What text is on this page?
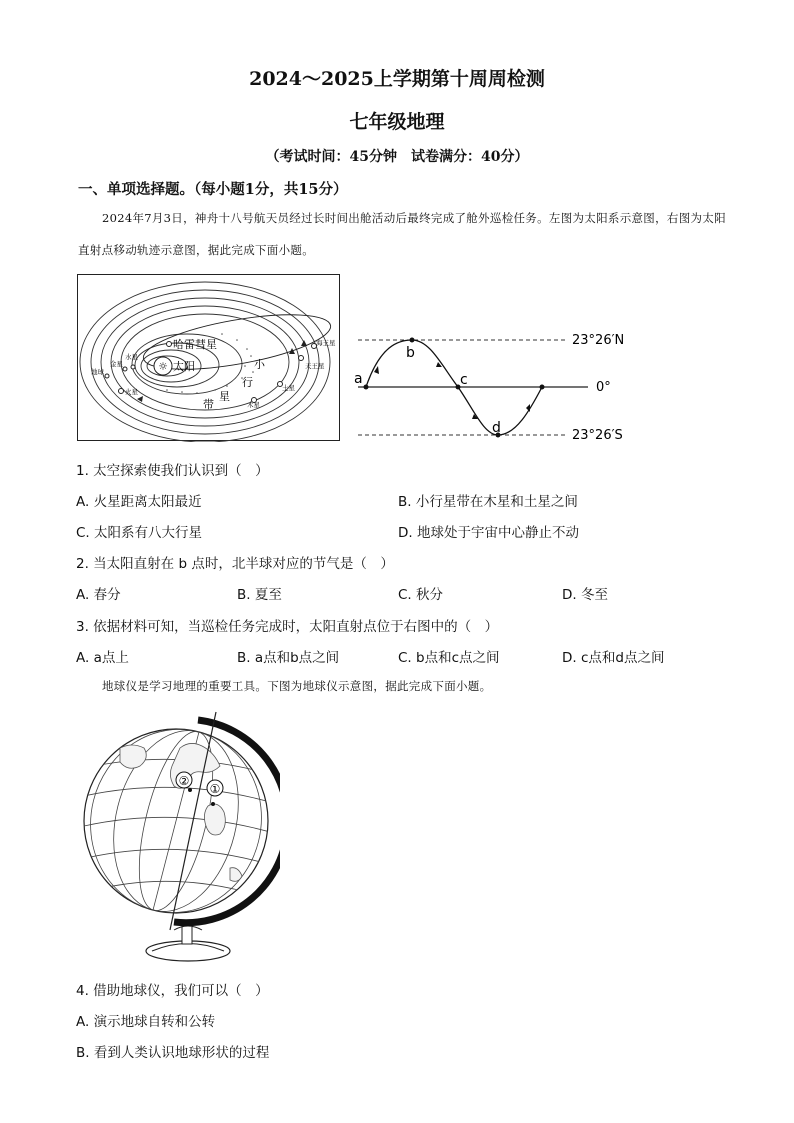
2024～2025上学期第十周周检测
七年级地理
（考试时间：45分钟　试卷满分：40分）
一、单项选择题。（每小题1分，共15分）
2024年7月3日，神舟十八号航天员经过长时间出舱活动后最终完成了舱外巡检任务。左图为太阳系示意图，右图为太阳直射点移动轨迹示意图，据此完成下面小题。
☼ 太阳
哈雷彗星
金星
水星
地球
火星
木星
土星
天王星
海王星
小
行
星
带
a
b
c
d
23°26′N
0°
23°26′S
1. 太空探索使我们认识到（　）
A. 火星距离太阳最近	B. 小行星带在木星和土星之间
C. 太阳系有八大行星	D. 地球处于宇宙中心静止不动
2. 当太阳直射在 b 点时，北半球对应的节气是（　）
A. 春分	B. 夏至	C. 秋分	D. 冬至
3. 依据材料可知，当巡检任务完成时，太阳直射点位于右图中的（　）
A. a点上	B. a点和b点之间	C. b点和c点之间	D. c点和d点之间
地球仪是学习地理的重要工具。下图为地球仪示意图，据此完成下面小题。
②
①
4. 借助地球仪，我们可以（　）
A. 演示地球自转和公转
B. 看到人类认识地球形状的过程
